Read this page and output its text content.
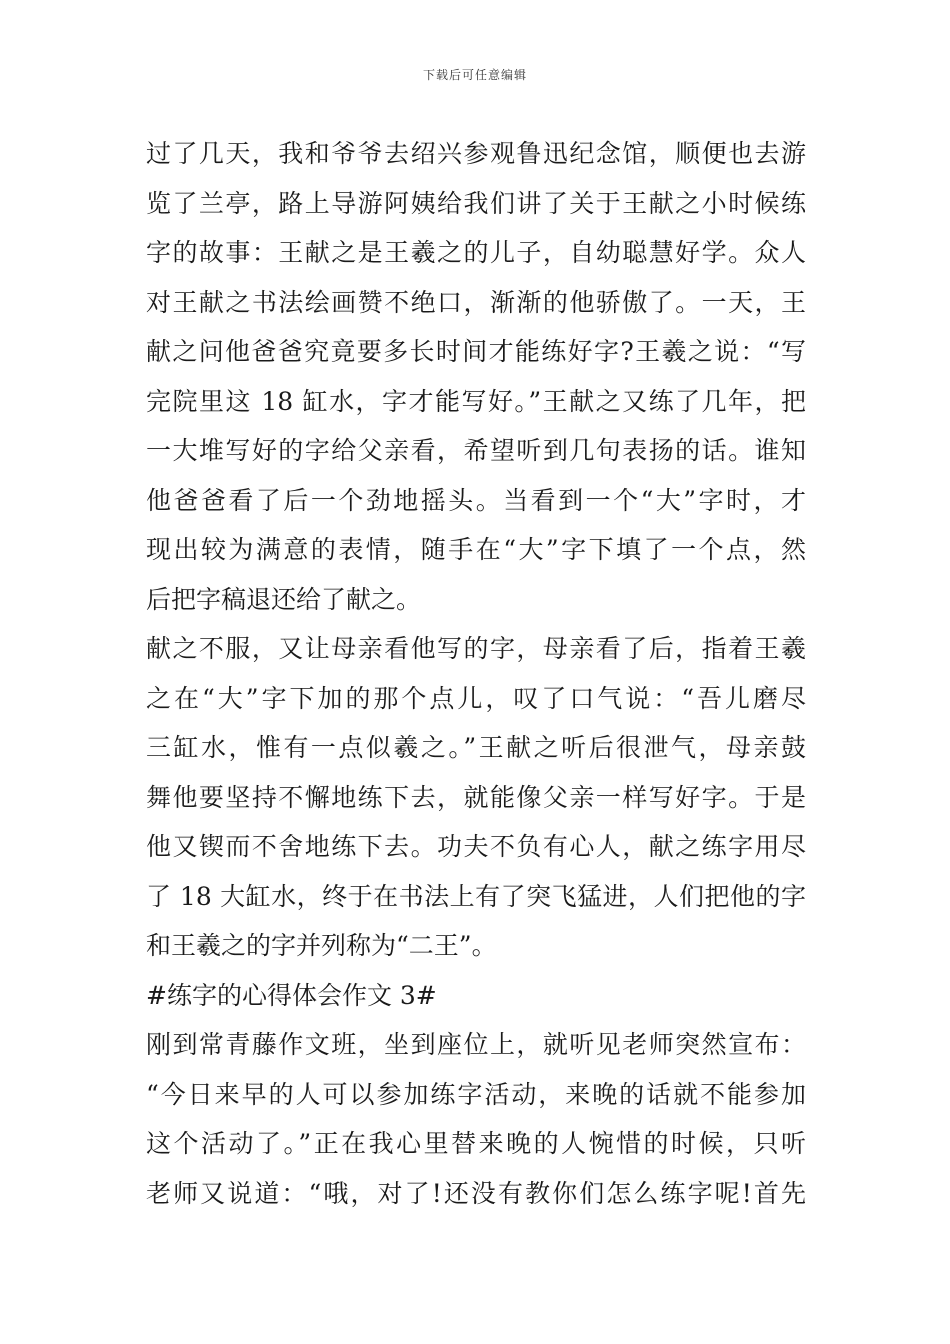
下载后可任意编辑
过了几天，我和爷爷去绍兴参观鲁迅纪念馆，顺便也去游
览了兰亭，路上导游阿姨给我们讲了关于王献之小时候练
字的故事：王献之是王羲之的儿子，自幼聪慧好学。众人
对王献之书法绘画赞不绝口，渐渐的他骄傲了。一天，王
献之问他爸爸究竟要多长时间才能练好字?王羲之说：“写
完院里这 18 缸水，字才能写好。”王献之又练了几年，把
一大堆写好的字给父亲看，希望听到几句表扬的话。谁知
他爸爸看了后一个劲地摇头。当看到一个“大”字时，才
现出较为满意的表情，随手在“大”字下填了一个点，然
后把字稿退还给了献之。
献之不服，又让母亲看他写的字，母亲看了后，指着王羲
之在“大”字下加的那个点儿，叹了口气说：“吾儿磨尽
三缸水，惟有一点似羲之。”王献之听后很泄气，母亲鼓
舞他要坚持不懈地练下去，就能像父亲一样写好字。于是
他又锲而不舍地练下去。功夫不负有心人，献之练字用尽
了 18 大缸水，终于在书法上有了突飞猛进，人们把他的字
和王羲之的字并列称为“二王”。
#练字的心得体会作文 3#
刚到常青藤作文班，坐到座位上，就听见老师突然宣布：
“今日来早的人可以参加练字活动，来晚的话就不能参加
这个活动了。”正在我心里替来晚的人惋惜的时候，只听
老师又说道：“哦，对了!还没有教你们怎么练字呢!首先
